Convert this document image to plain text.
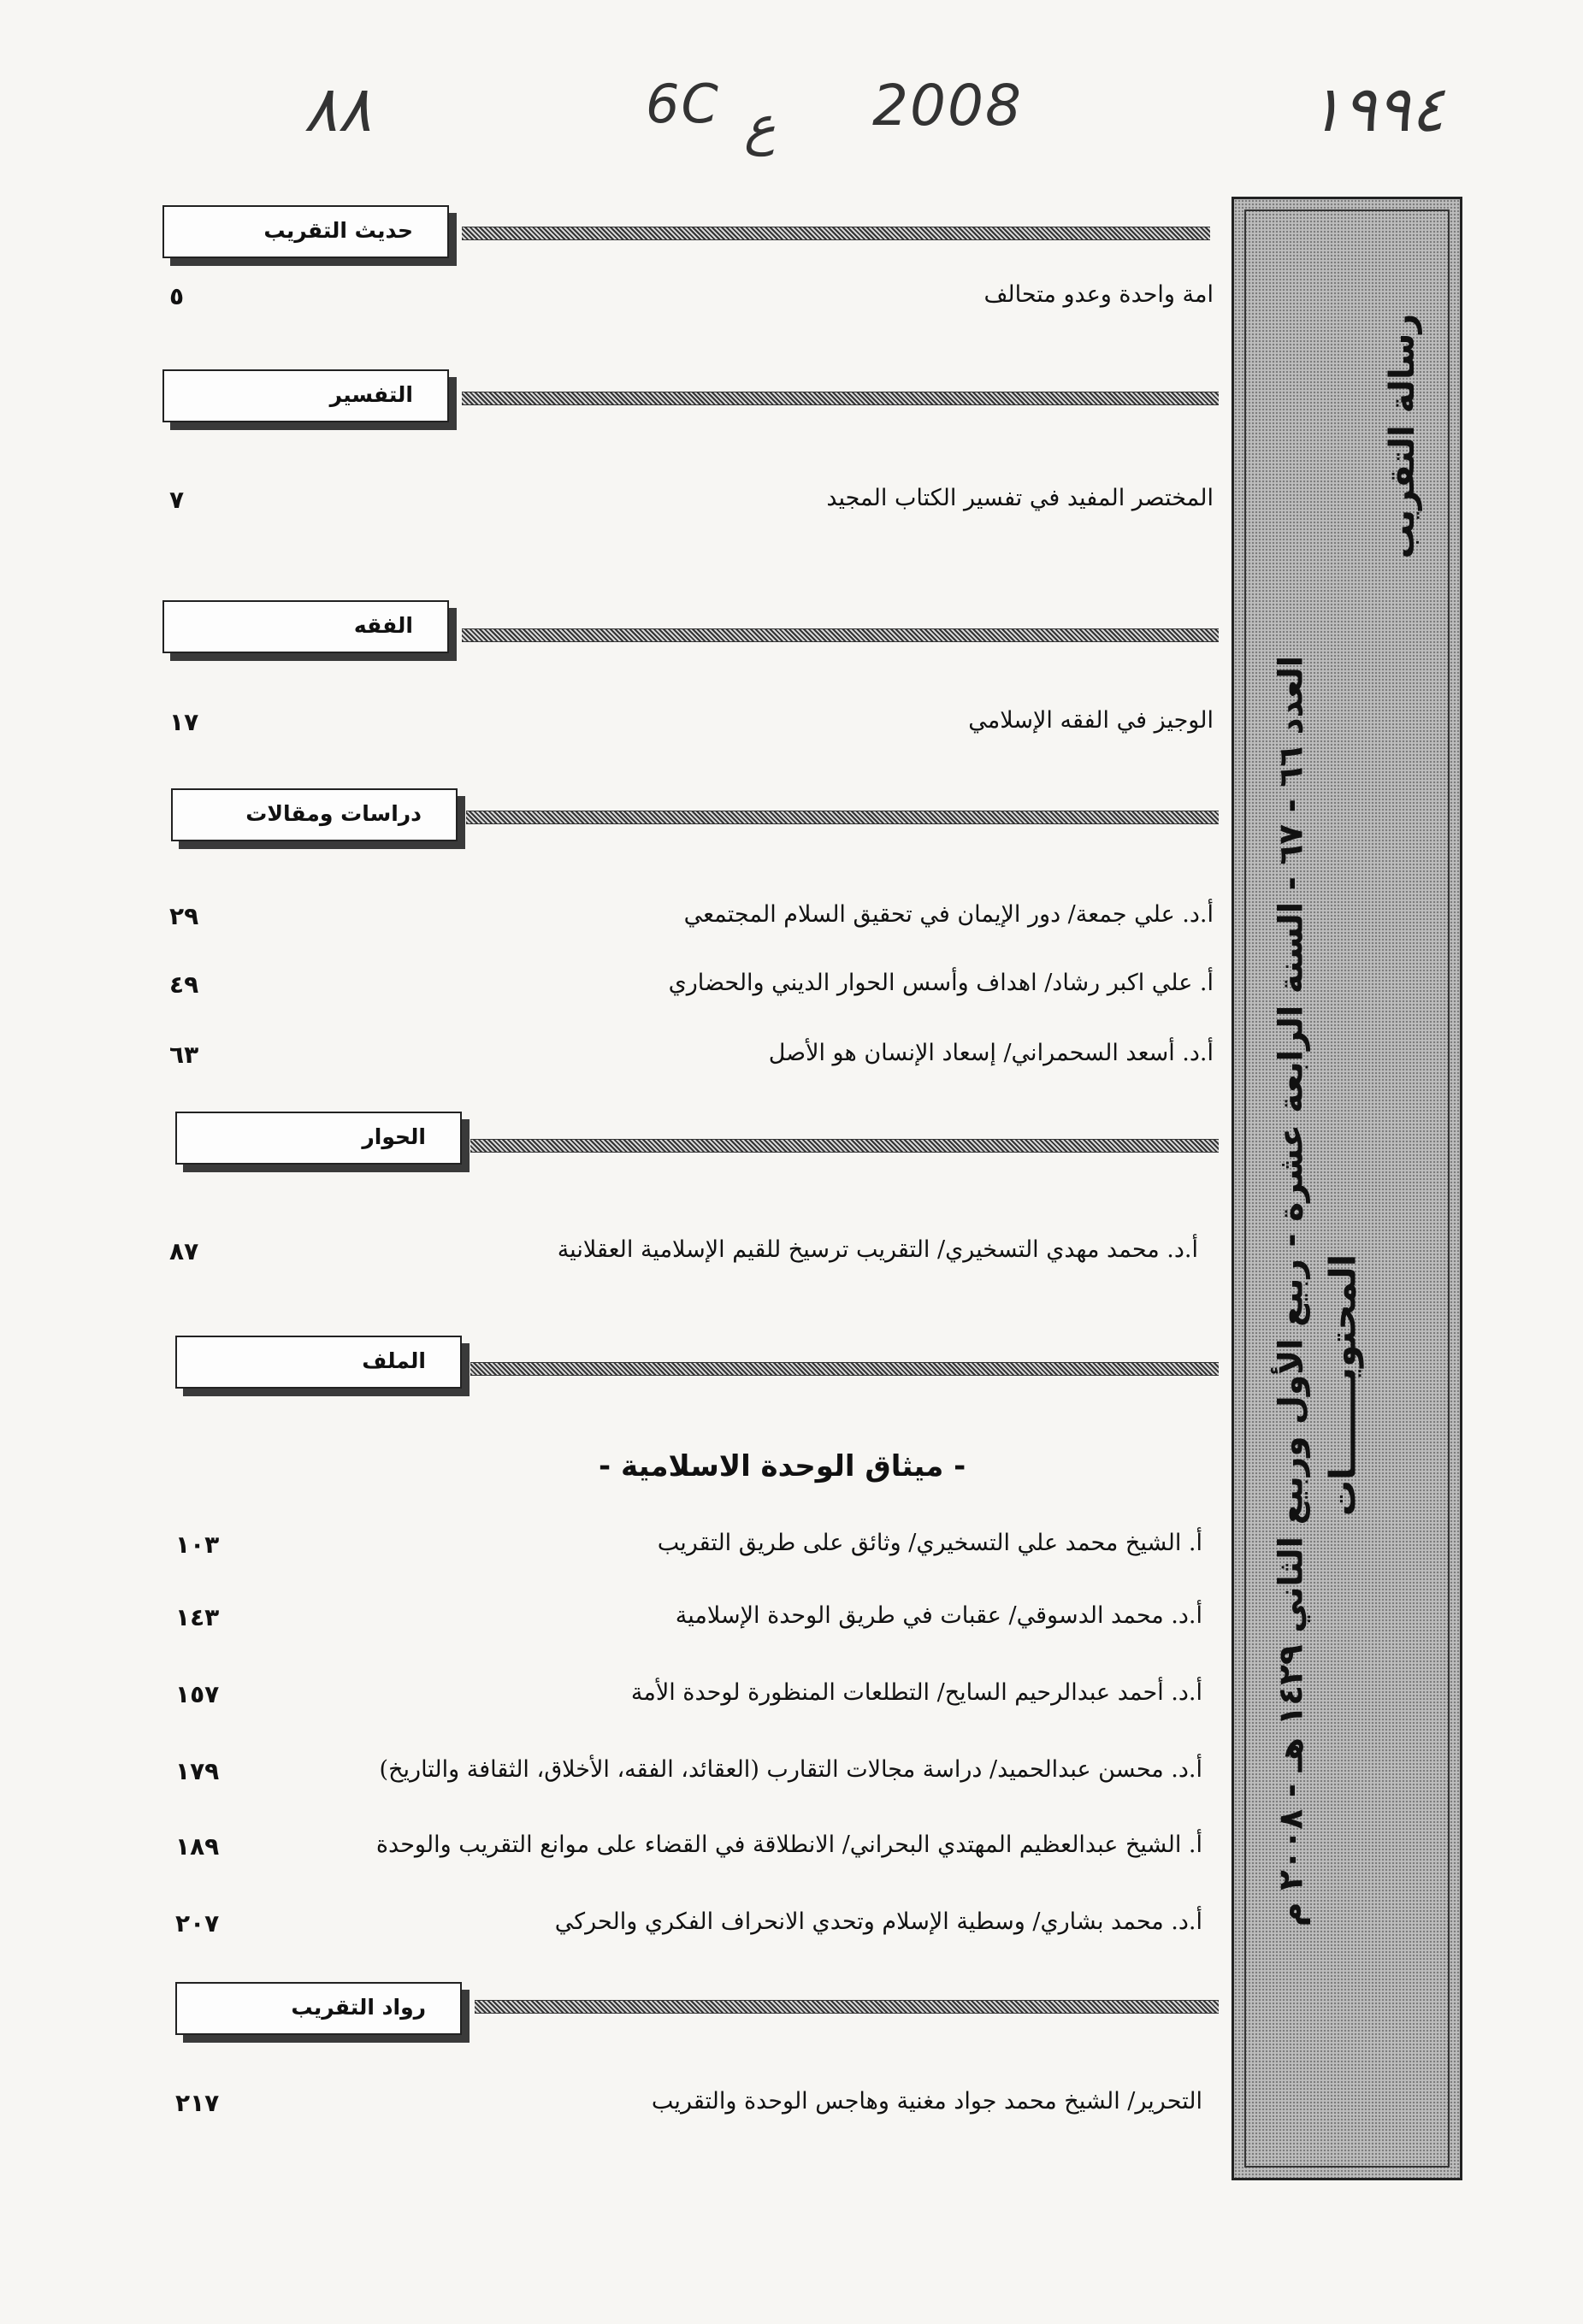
٨٨	6C ع 2008	١٩٩٤
رسالة التقريب
المحتويـــــــات
العدد ٦٦ - ٦٧ - السنة الرابعة عشرة - ربيع الأول وربيع الثاني ١٤٢٩ هـ - ٢٠٠٨ م
حديث التقريب
امة واحدة وعدو متحالف
٥
التفسير
المختصر المفيد في تفسير الكتاب المجيد
٧
الفقه
الوجيز في الفقه الإسلامي
١٧
دراسات ومقالات
أ.د. علي جمعة/ دور الإيمان في تحقيق السلام المجتمعي
٢٩
أ. علي اكبر رشاد/ اهداف وأسس الحوار الديني والحضاري
٤٩
أ.د. أسعد السحمراني/ إسعاد الإنسان هو الأصل
٦٣
الحوار
أ.د. محمد مهدي التسخيري/ التقريب ترسيخ للقيم الإسلامية العقلانية
٨٧
الملف
- ميثاق الوحدة الاسلامية -
أ. الشيخ محمد علي التسخيري/ وثائق على طريق التقريب
١٠٣
أ.د. محمد الدسوقي/ عقبات في طريق الوحدة الإسلامية
١٤٣
أ.د. أحمد عبدالرحيم السايح/ التطلعات المنظورة لوحدة الأمة
١٥٧
أ.د. محسن عبدالحميد/ دراسة مجالات التقارب (العقائد، الفقه، الأخلاق، الثقافة والتاريخ)
١٧٩
أ. الشيخ عبدالعظيم المهتدي البحراني/ الانطلاقة في القضاء على موانع التقريب والوحدة
١٨٩
أ.د. محمد بشاري/ وسطية الإسلام وتحدي الانحراف الفكري والحركي
٢٠٧
رواد التقريب
التحرير/ الشيخ محمد جواد مغنية وهاجس الوحدة والتقريب
٢١٧
